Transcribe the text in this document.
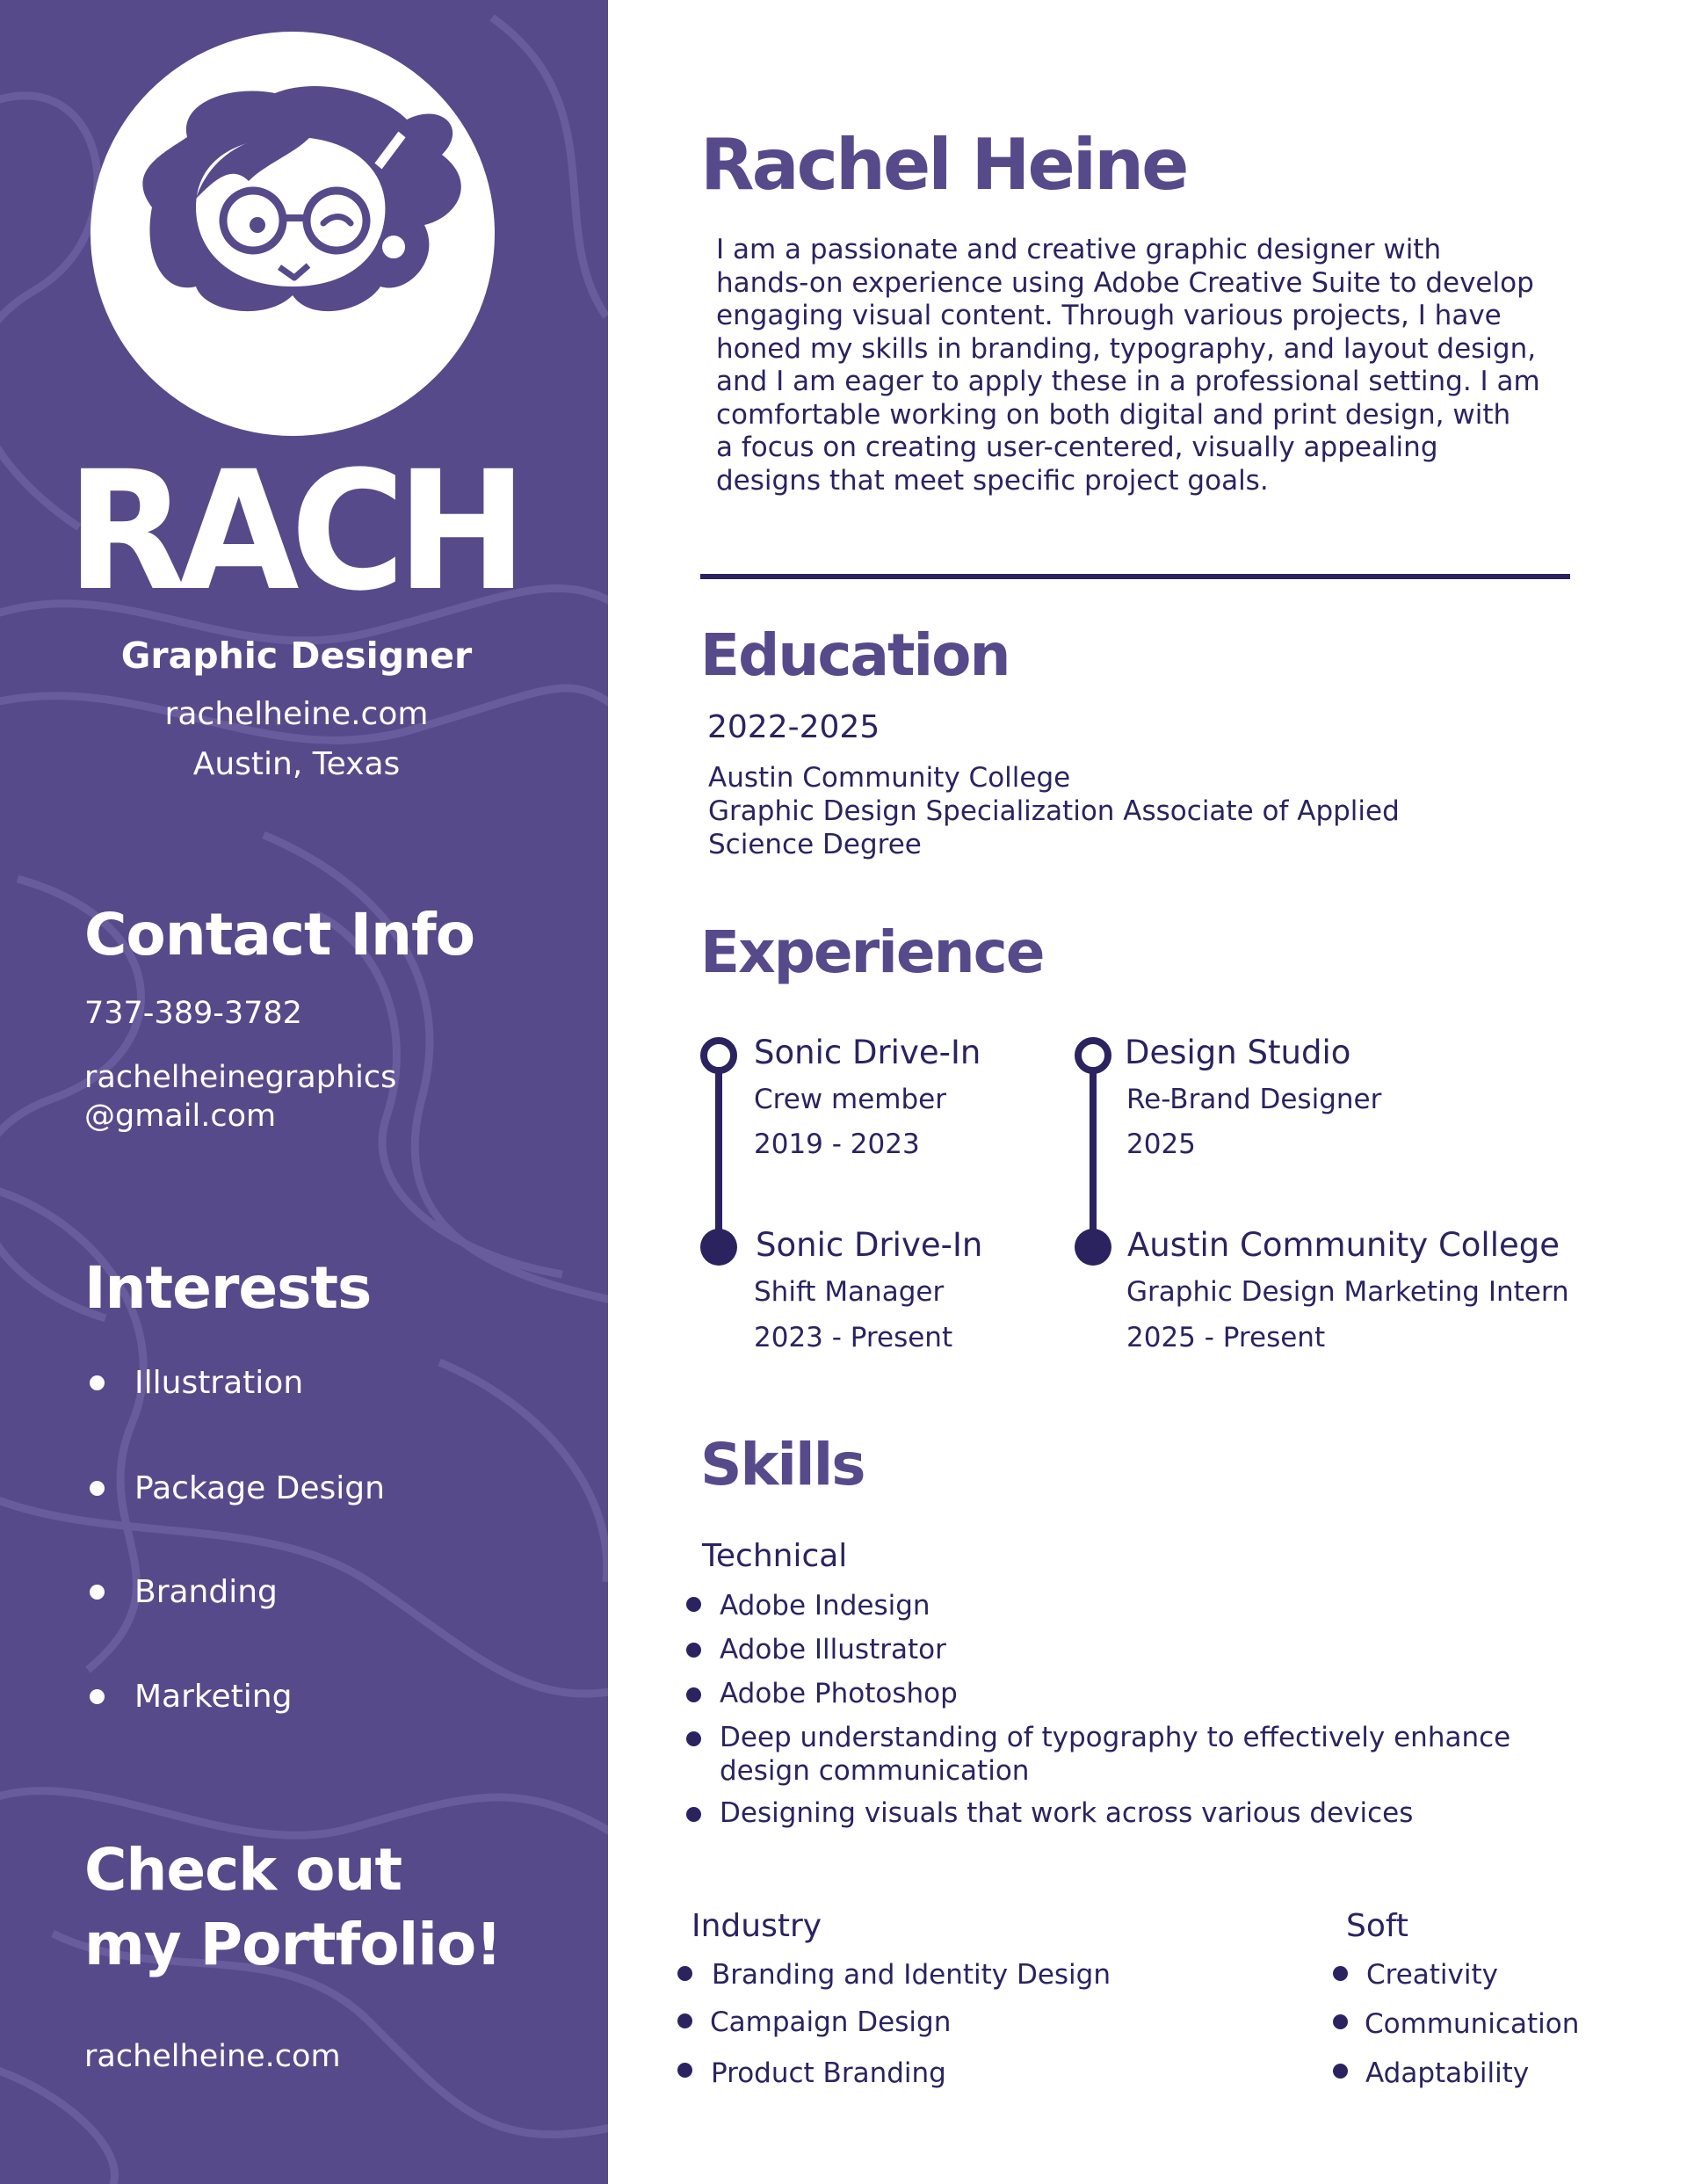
RACH
Graphic Designer
rachelheine.com
Austin, Texas
Contact Info
737-389-3782
rachelheinegraphics
@gmail.com
Interests
Illustration
Package Design
Branding
Marketing
Check out
my Portfolio!
rachelheine.com
Rachel Heine
I am a passionate and creative graphic designer with
hands-on experience using Adobe Creative Suite to develop
engaging visual content. Through various projects, I have
honed my skills in branding, typography, and layout design,
and I am eager to apply these in a professional setting. I am
comfortable working on both digital and print design, with
a focus on creating user-centered, visually appealing
designs that meet specific project goals.
Education
2022-2025
Austin Community College
Graphic Design Specialization Associate of Applied
Science Degree
Experience
Sonic Drive-In
Crew member
2019 - 2023
Sonic Drive-In
Shift Manager
2023 - Present
Design Studio
Re-Brand Designer
2025
Austin Community College
Graphic Design Marketing Intern
2025 - Present
Skills
Technical
Adobe Indesign
Adobe Illustrator
Adobe Photoshop
Deep understanding of typography to effectively enhance
design communication
Designing visuals that work across various devices
Industry
Branding and Identity Design
Campaign Design
Product Branding
Soft
Creativity
Communication
Adaptability
